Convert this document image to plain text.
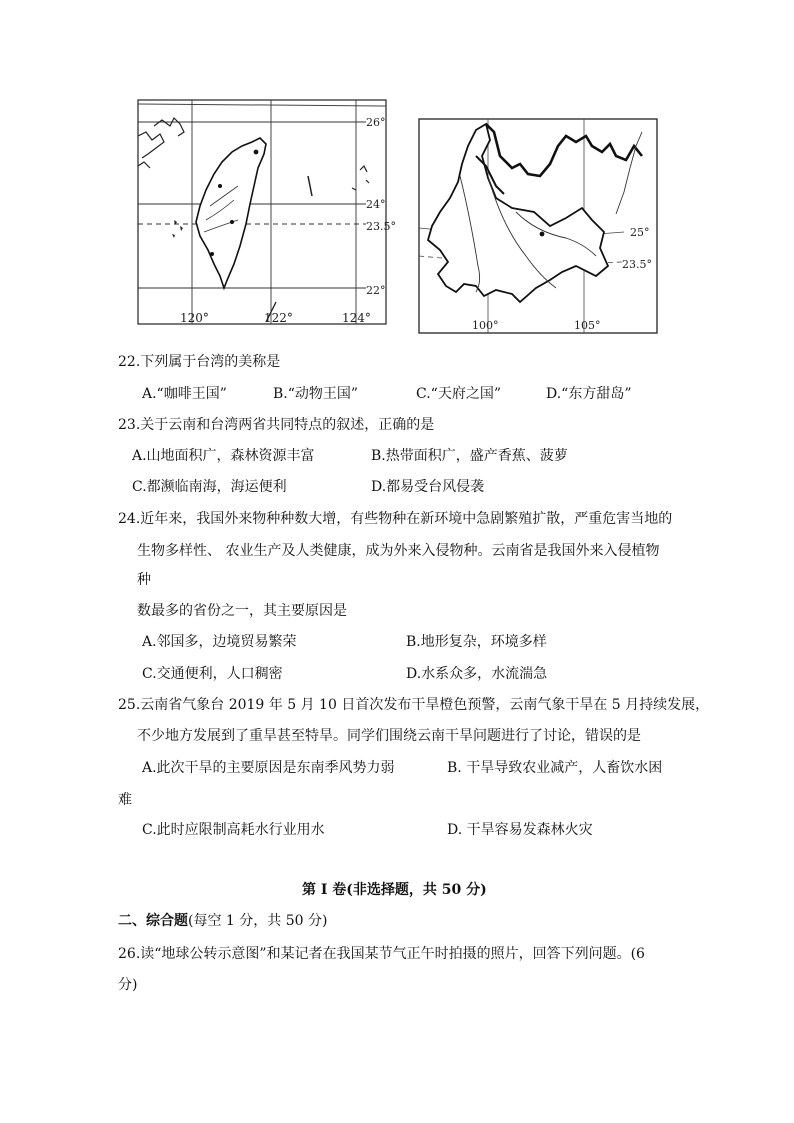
26°
24°
23.5°
22°
120°	122°	124°
25°
23.5°
100°	105°
22.下列属于台湾的美称是
A.“咖啡王国”	B.“动物王国”	C.“天府之国”	D.“东方甜岛”
23.关于云南和台湾两省共同特点的叙述，正确的是
A.山地面积广，森林资源丰富	B.热带面积广，盛产香蕉、菠萝
C.都濒临南海，海运便利	D.都易受台风侵袭
24.近年来，我国外来物种种数大增，有些物种在新环境中急剧繁殖扩散，严重危害当地的
生物多样性、 农业生产及人类健康，成为外来入侵物种。云南省是我国外来入侵植物
种
数最多的省份之一，其主要原因是
A.邻国多，边境贸易繁荣	B.地形复杂，环境多样
C.交通便利，人口稠密	D.水系众多，水流湍急
25.云南省气象台 2019 年 5 月 10 日首次发布干旱橙色预警，云南气象干旱在 5 月持续发展，
不少地方发展到了重旱甚至特旱。同学们围绕云南干旱问题进行了讨论，错误的是
A.此次干旱的主要原因是东南季风势力弱	B. 干旱导致农业减产，人畜饮水困
难
C.此时应限制高耗水行业用水	D. 干旱容易发森林火灾
第 I 卷(非选择题，共 50 分)
二、综合题(每空 1 分，共 50 分)
26.读“地球公转示意图”和某记者在我国某节气正午时拍摄的照片，回答下列问题。(6
分)
